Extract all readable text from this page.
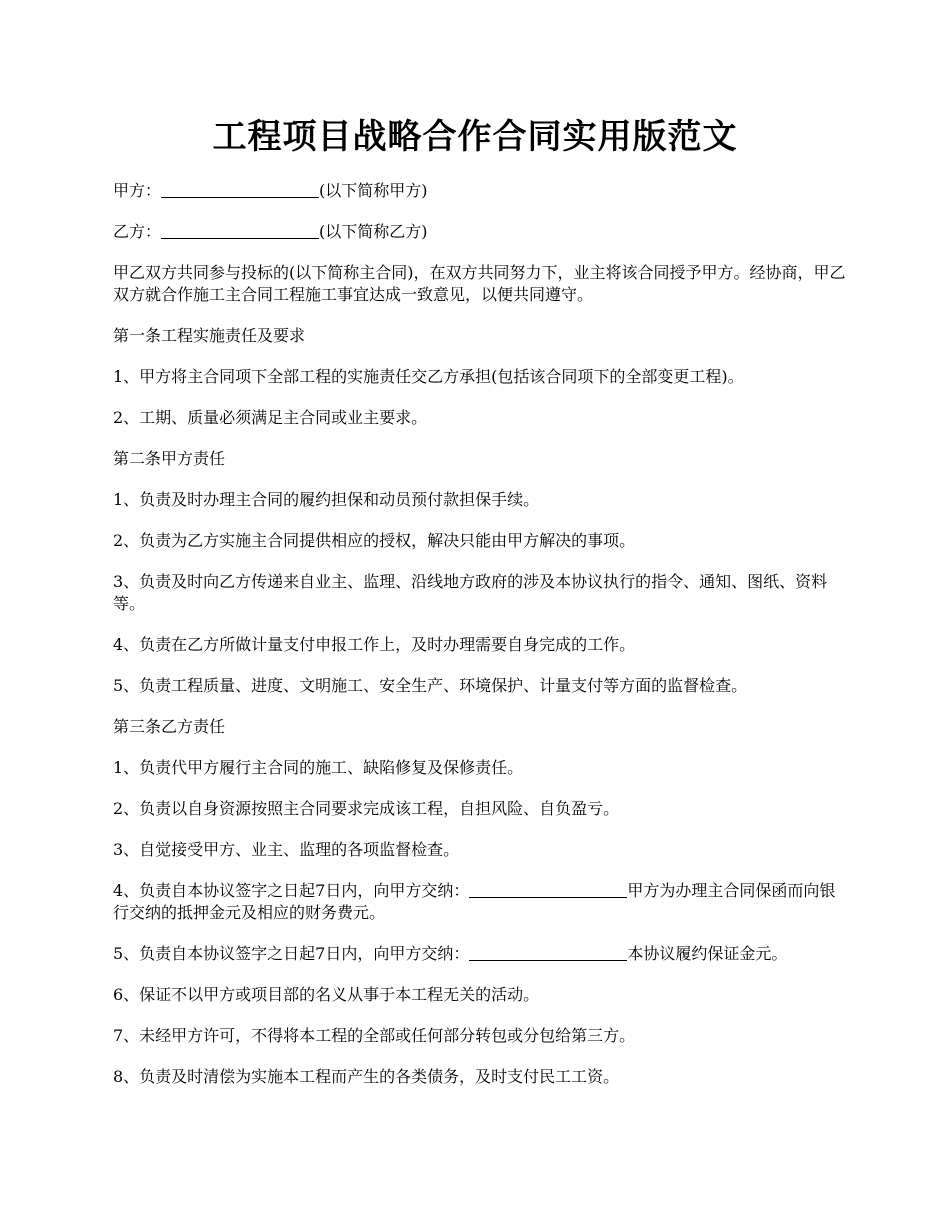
工程项目战略合作合同实用版范文

甲方：	(以下简称甲方)

乙方：	(以下简称乙方)

甲乙双方共同参与投标的(以下简称主合同)，在双方共同努力下，业主将该合同授予甲方。经协商，甲乙双方就合作施工主合同工程施工事宜达成一致意见，以便共同遵守。

第一条工程实施责任及要求

1、甲方将主合同项下全部工程的实施责任交乙方承担(包括该合同项下的全部变更工程)。

2、工期、质量必须满足主合同或业主要求。

第二条甲方责任

1、负责及时办理主合同的履约担保和动员预付款担保手续。

2、负责为乙方实施主合同提供相应的授权，解决只能由甲方解决的事项。

3、负责及时向乙方传递来自业主、监理、沿线地方政府的涉及本协议执行的指令、通知、图纸、资料等。

4、负责在乙方所做计量支付申报工作上，及时办理需要自身完成的工作。

5、负责工程质量、进度、文明施工、安全生产、环境保护、计量支付等方面的监督检查。

第三条乙方责任

1、负责代甲方履行主合同的施工、缺陷修复及保修责任。

2、负责以自身资源按照主合同要求完成该工程，自担风险、自负盈亏。

3、自觉接受甲方、业主、监理的各项监督检查。

4、负责自本协议签字之日起7日内，向甲方交纳：	甲方为办理主合同保函而向银行交纳的抵押金元及相应的财务费元。

5、负责自本协议签字之日起7日内，向甲方交纳：	本协议履约保证金元。

6、保证不以甲方或项目部的名义从事于本工程无关的活动。

7、未经甲方许可，不得将本工程的全部或任何部分转包或分包给第三方。

8、负责及时清偿为实施本工程而产生的各类债务，及时支付民工工资。
